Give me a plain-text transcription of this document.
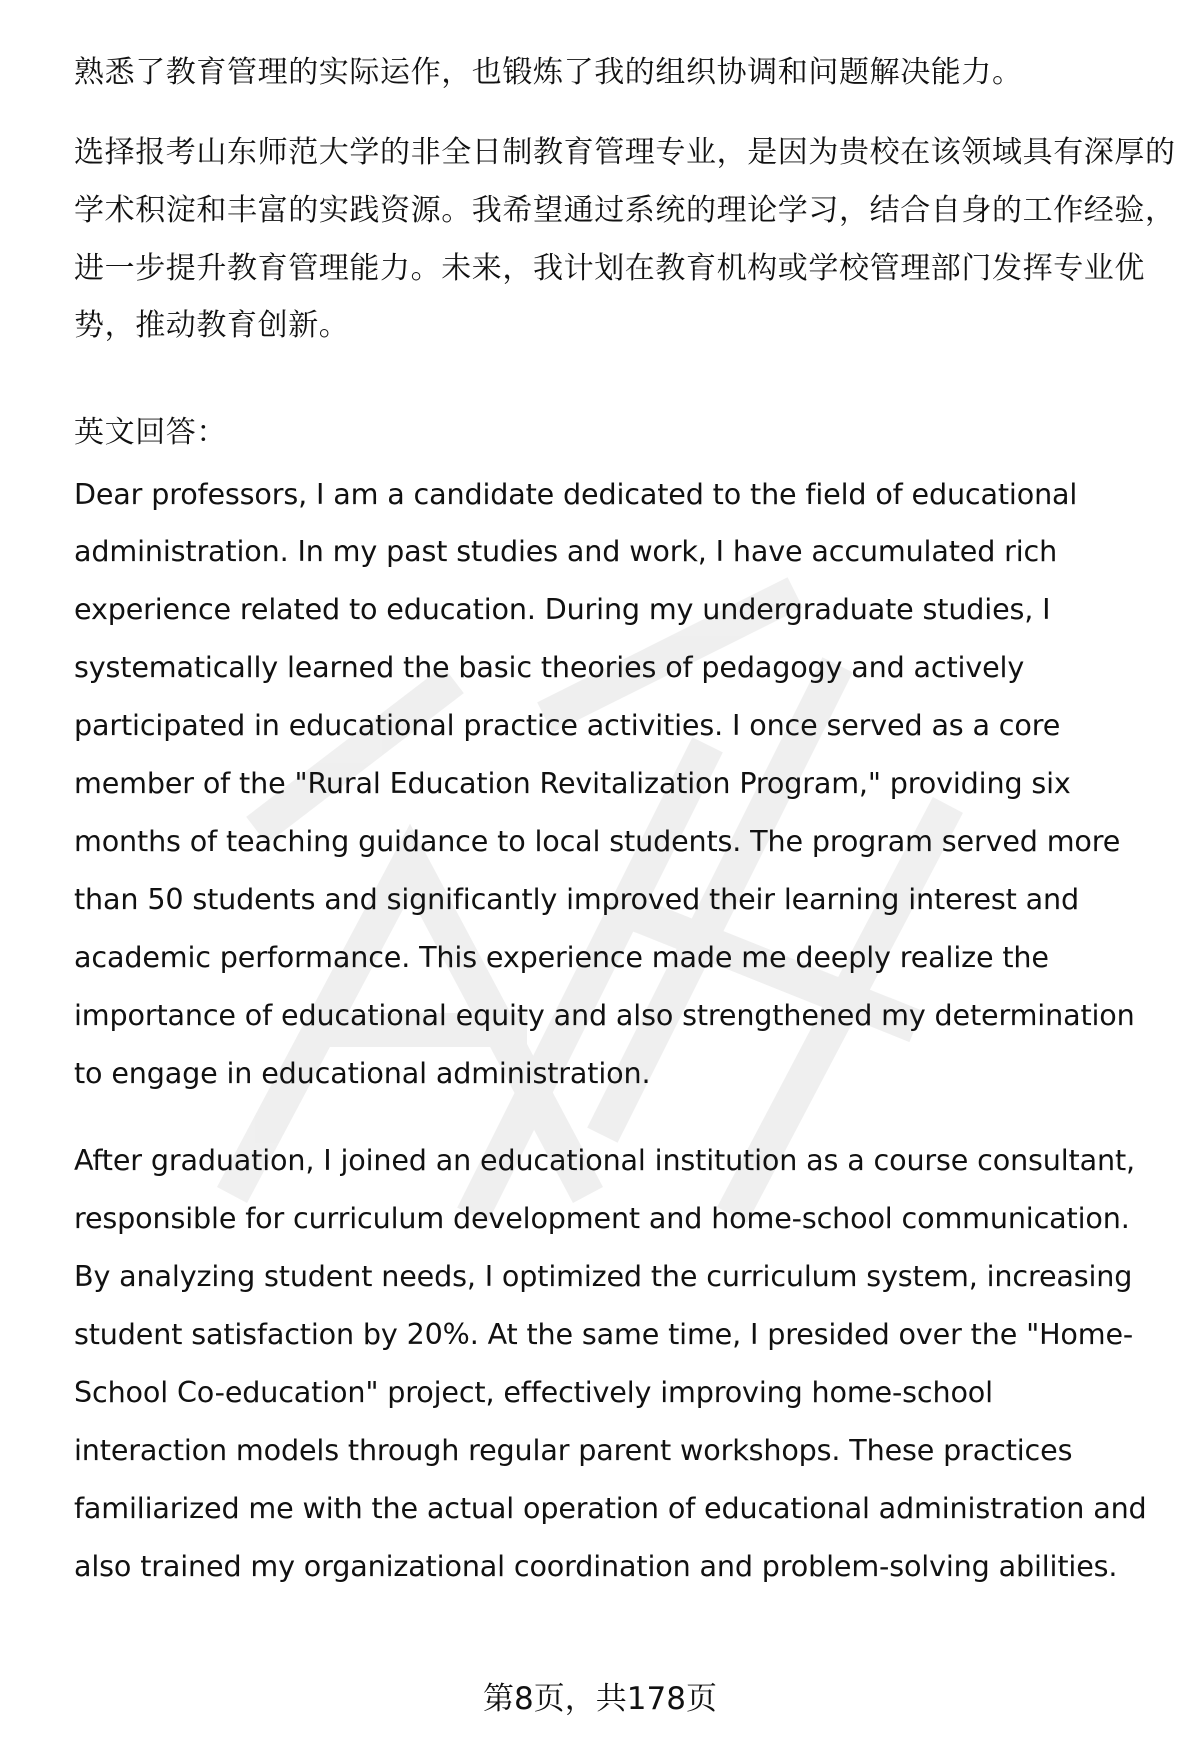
熟悉了教育管理的实际运作，也锻炼了我的组织协调和问题解决能力。
选择报考山东师范大学的非全日制教育管理专业，是因为贵校在该领域具有深厚的
学术积淀和丰富的实践资源。我希望通过系统的理论学习，结合自身的工作经验，
进一步提升教育管理能力。未来，我计划在教育机构或学校管理部门发挥专业优
势，推动教育创新。
英文回答：
Dear professors, I am a candidate dedicated to the field of educational
administration. In my past studies and work, I have accumulated rich
experience related to education. During my undergraduate studies, I
systematically learned the basic theories of pedagogy and actively
participated in educational practice activities. I once served as a core
member of the "Rural Education Revitalization Program," providing six
months of teaching guidance to local students. The program served more
than 50 students and significantly improved their learning interest and
academic performance. This experience made me deeply realize the
importance of educational equity and also strengthened my determination
to engage in educational administration.
After graduation, I joined an educational institution as a course consultant,
responsible for curriculum development and home-school communication.
By analyzing student needs, I optimized the curriculum system, increasing
student satisfaction by 20%. At the same time, I presided over the "Home-
School Co-education" project, effectively improving home-school
interaction models through regular parent workshops. These practices
familiarized me with the actual operation of educational administration and
also trained my organizational coordination and problem-solving abilities.
第8页，共178页
